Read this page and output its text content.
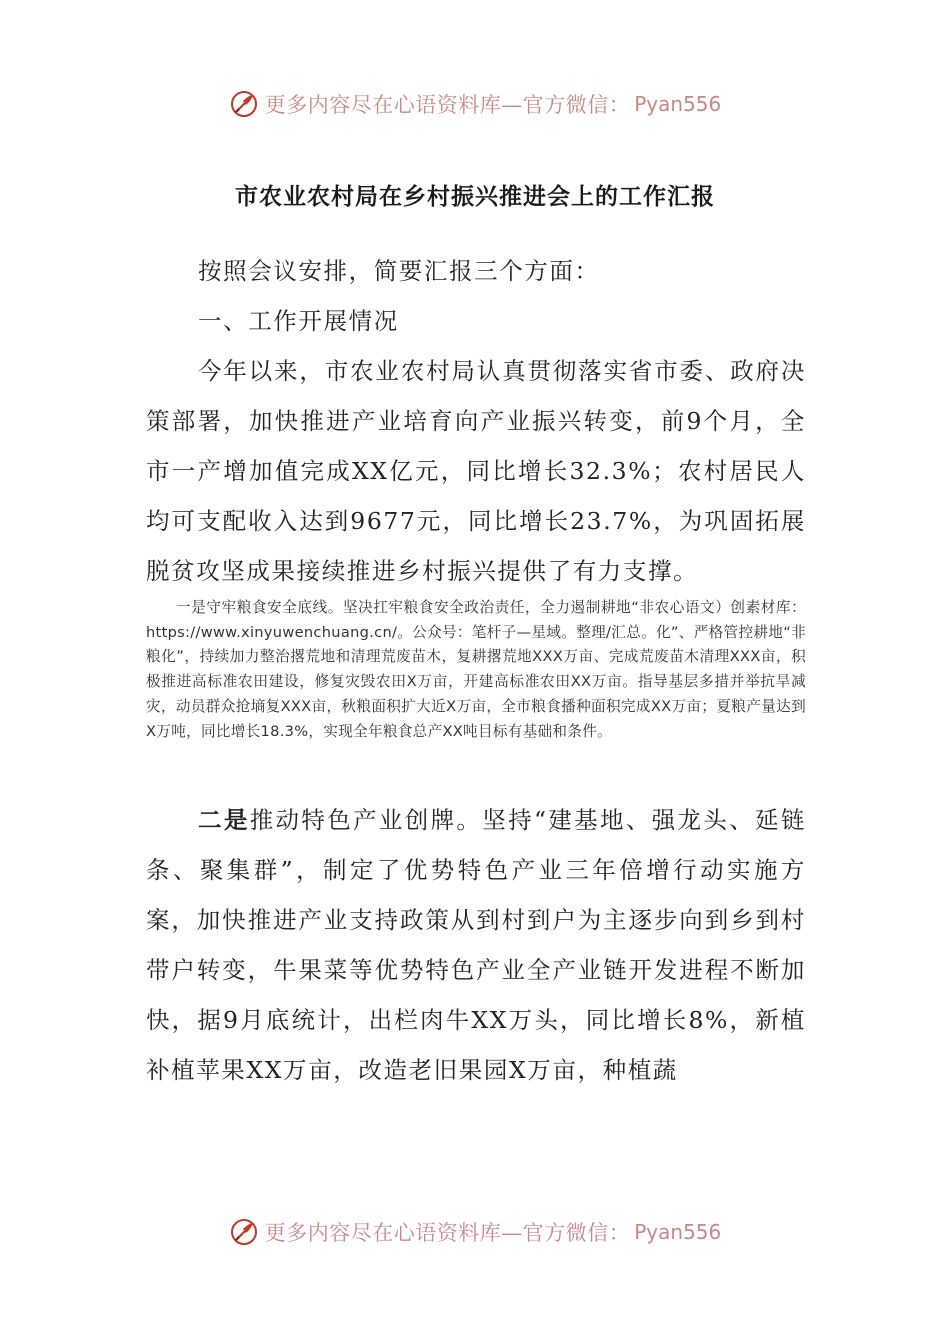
更多内容尽在心语资料库—官方微信： Pyan556
市农业农村局在乡村振兴推进会上的工作汇报

按照会议安排，简要汇报三个方面：

一、工作开展情况

今年以来，市农业农村局认真贯彻落实省市委、政府决策部署，加快推进产业培育向产业振兴转变，前9个月，全市一产增加值完成XX亿元，同比增长32.3%；农村居民人均可支配收入达到9677元，同比增长23.7%，为巩固拓展脱贫攻坚成果接续推进乡村振兴提供了有力支撑。

一是守牢粮食安全底线。坚决扛牢粮食安全政治责任，全力遏制耕地“非农心语文）创素材库：https://www.xinyuwenchuang.cn/。公众号：笔杆子—星域。整理/汇总。化”、严格管控耕地“非粮化”，持续加力整治撂荒地和清理荒废苗木，复耕撂荒地XXX万亩、完成荒废苗木清理XXX亩，积极推进高标准农田建设，修复灾毁农田X万亩，开建高标准农田XX万亩。指导基层多措并举抗旱减灾，动员群众抢墒复XXX亩，秋粮面积扩大近X万亩，全市粮食播种面积完成XX万亩；夏粮产量达到X万吨，同比增长18.3%，实现全年粮食总产XX吨目标有基础和条件。

二是推动特色产业创牌。坚持“建基地、强龙头、延链条、聚集群”，制定了优势特色产业三年倍增行动实施方案，加快推进产业支持政策从到村到户为主逐步向到乡到村带户转变，牛果菜等优势特色产业全产业链开发进程不断加快，据9月底统计，出栏肉牛XX万头，同比增长8%，新植补植苹果XX万亩，改造老旧果园X万亩，种植蔬

更多内容尽在心语资料库—官方微信： Pyan556
